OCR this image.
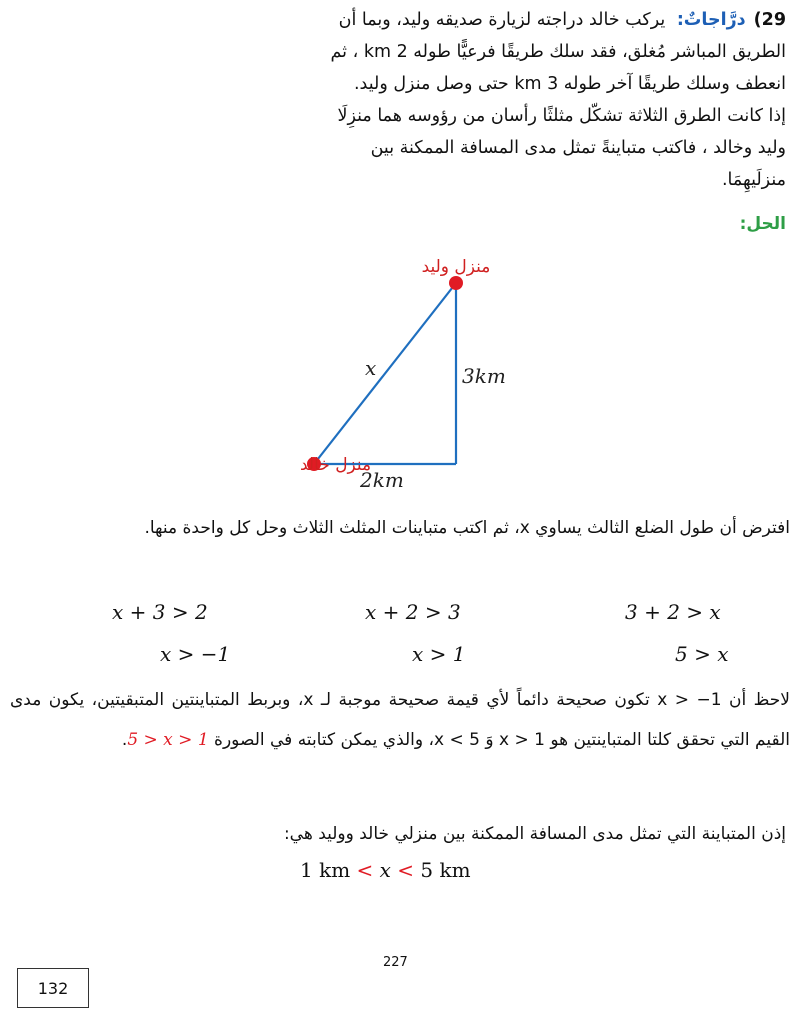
29)درَّاجاتٌ: يركب خالد دراجته لزيارة صديقه وليد، وبما أن
الطريق المباشر مُغلق، فقد سلك طريقًا فرعيًّا طوله 2 km ، ثم
انعطف وسلك طريقًا آخر طوله 3 km حتى وصل منزل وليد.
إذا كانت الطرق الثلاثة تشكّل مثلثًا رأسان من رؤوسه هما منزِلَا
وليد وخالد ، فاكتب متباينةً تمثل مدى المسافة الممكنة بين
منزلَيهِمَا.
الحل:
منزل وليد
منزل خالد
x	3km
2km
افترض أن طول الضلع الثالث يساوي x، ثم اكتب متباينات المثلث الثلاث وحل كل واحدة منها.
3 + 2 > x
x + 2 > 3
x + 3 > 2
5 > x
x > 1
x > −1
لاحظ أن x > −1 تكون صحيحة دائماً لأي قيمة صحيحة موجبة لـ x، وبربط المتباينتين المتبقيتين، يكون مدى القيم التي تحقق كلتا المتباينتين هو x > 1 وَ x < 5، والذي يمكن كتابته في الصورة 5 > x > 1.
إذن المتباينة التي تمثل مدى المسافة الممكنة بين منزلي خالد ووليد هي:
1 km < x < 5 km
227
132
